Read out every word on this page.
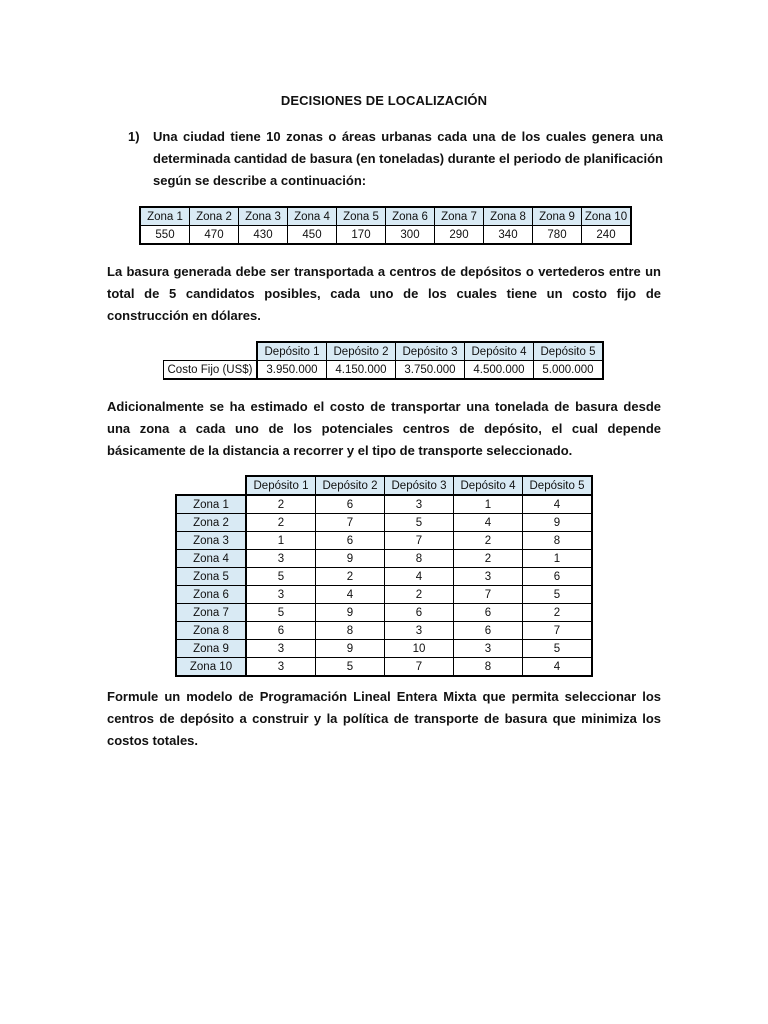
DECISIONES DE LOCALIZACIÓN
1) Una ciudad tiene 10 zonas o áreas urbanas cada una de los cuales genera una determinada cantidad de basura (en toneladas) durante el periodo de planificación según se describe a continuación:
Zona 1	Zona 2	Zona 3	Zona 4	Zona 5	Zona 6	Zona 7	Zona 8	Zona 9	Zona 10
550	470	430	450	170	300	290	340	780	240
La basura generada debe ser transportada a centros de depósitos o vertederos entre un total de 5 candidatos posibles, cada uno de los cuales tiene un costo fijo de construcción en dólares.
	Depósito 1	Depósito 2	Depósito 3	Depósito 4	Depósito 5
Costo Fijo (US$)	3.950.000	4.150.000	3.750.000	4.500.000	5.000.000
Adicionalmente se ha estimado el costo de transportar una tonelada de basura desde una zona a cada uno de los potenciales centros de depósito, el cual depende básicamente de la distancia a recorrer y el tipo de transporte seleccionado.
	Depósito 1	Depósito 2	Depósito 3	Depósito 4	Depósito 5
Zona 1	2	6	3	1	4
Zona 2	2	7	5	4	9
Zona 3	1	6	7	2	8
Zona 4	3	9	8	2	1
Zona 5	5	2	4	3	6
Zona 6	3	4	2	7	5
Zona 7	5	9	6	6	2
Zona 8	6	8	3	6	7
Zona 9	3	9	10	3	5
Zona 10	3	5	7	8	4
Formule un modelo de Programación Lineal Entera Mixta que permita seleccionar los centros de depósito a construir y la política de transporte de basura que minimiza los costos totales.
